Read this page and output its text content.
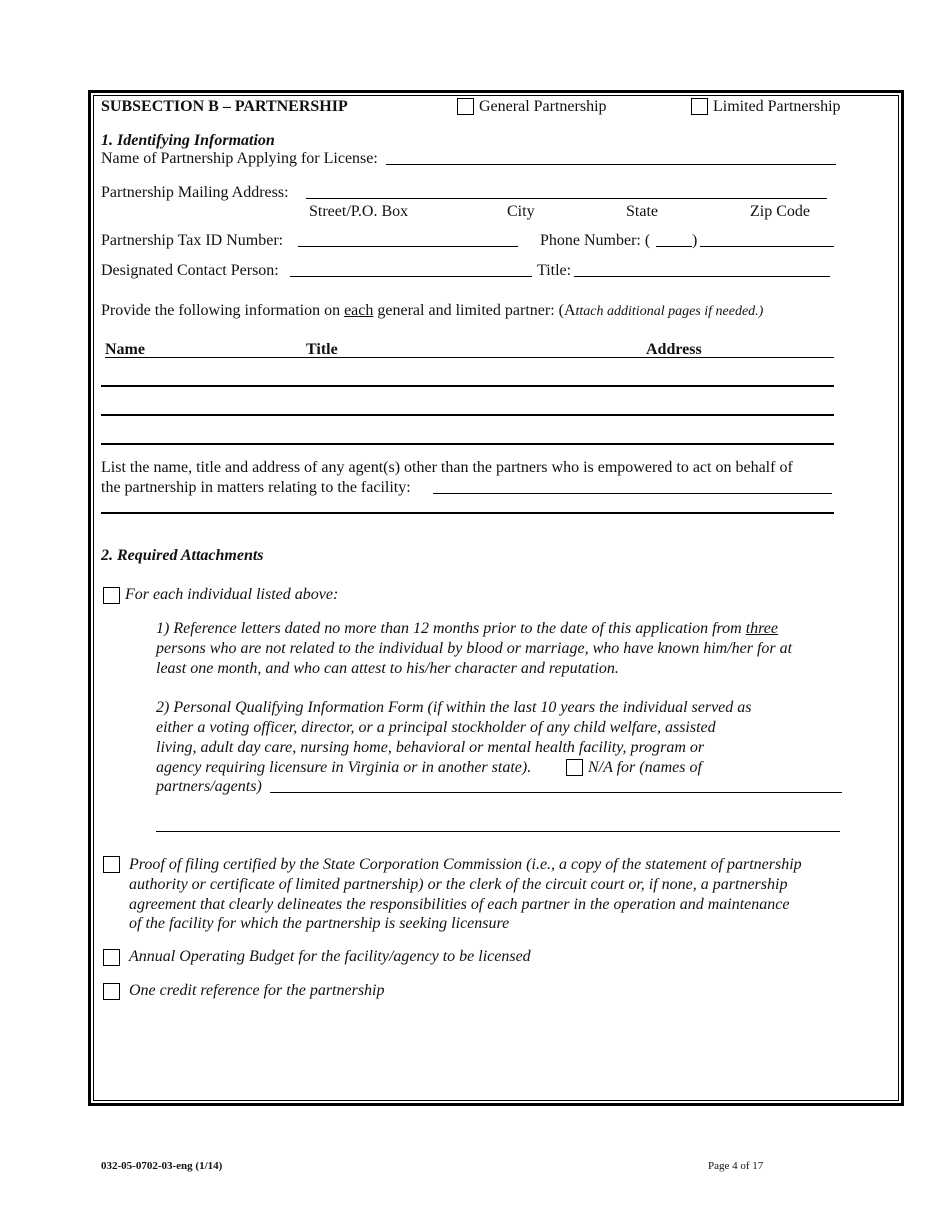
SUBSECTION B – PARTNERSHIP	General Partnership	Limited Partnership
1. Identifying Information
Name of Partnership Applying for License:
Partnership Mailing Address:
Street/P.O. Box	City	State	Zip Code
Partnership Tax ID Number:	Phone Number: (	)
Designated Contact Person:	Title:
Provide the following information on each general and limited partner: (Attach additional pages if needed.)
Name	Title	Address
List the name, title and address of any agent(s) other than the partners who is empowered to act on behalf of
the partnership in matters relating to the facility:
2. Required Attachments
For each individual listed above:
1) Reference letters dated no more than 12 months prior to the date of this application from three
persons who are not related to the individual by blood or marriage, who have known him/her for at
least one month, and who can attest to his/her character and reputation.
2) Personal Qualifying Information Form (if within the last 10 years the individual served as
either a voting officer, director, or a principal stockholder of any child welfare, assisted
living, adult day care, nursing home, behavioral or mental health facility, program or
agency requiring licensure in Virginia or in another state).	N/A for (names of
partners/agents)
Proof of filing certified by the State Corporation Commission (i.e., a copy of the statement of partnership
authority or certificate of limited partnership) or the clerk of the circuit court or, if none, a partnership
agreement that clearly delineates the responsibilities of each partner in the operation and maintenance
of the facility for which the partnership is seeking licensure
Annual Operating Budget for the facility/agency to be licensed
One credit reference for the partnership
032-05-0702-03-eng (1/14)	Page 4 of 17
